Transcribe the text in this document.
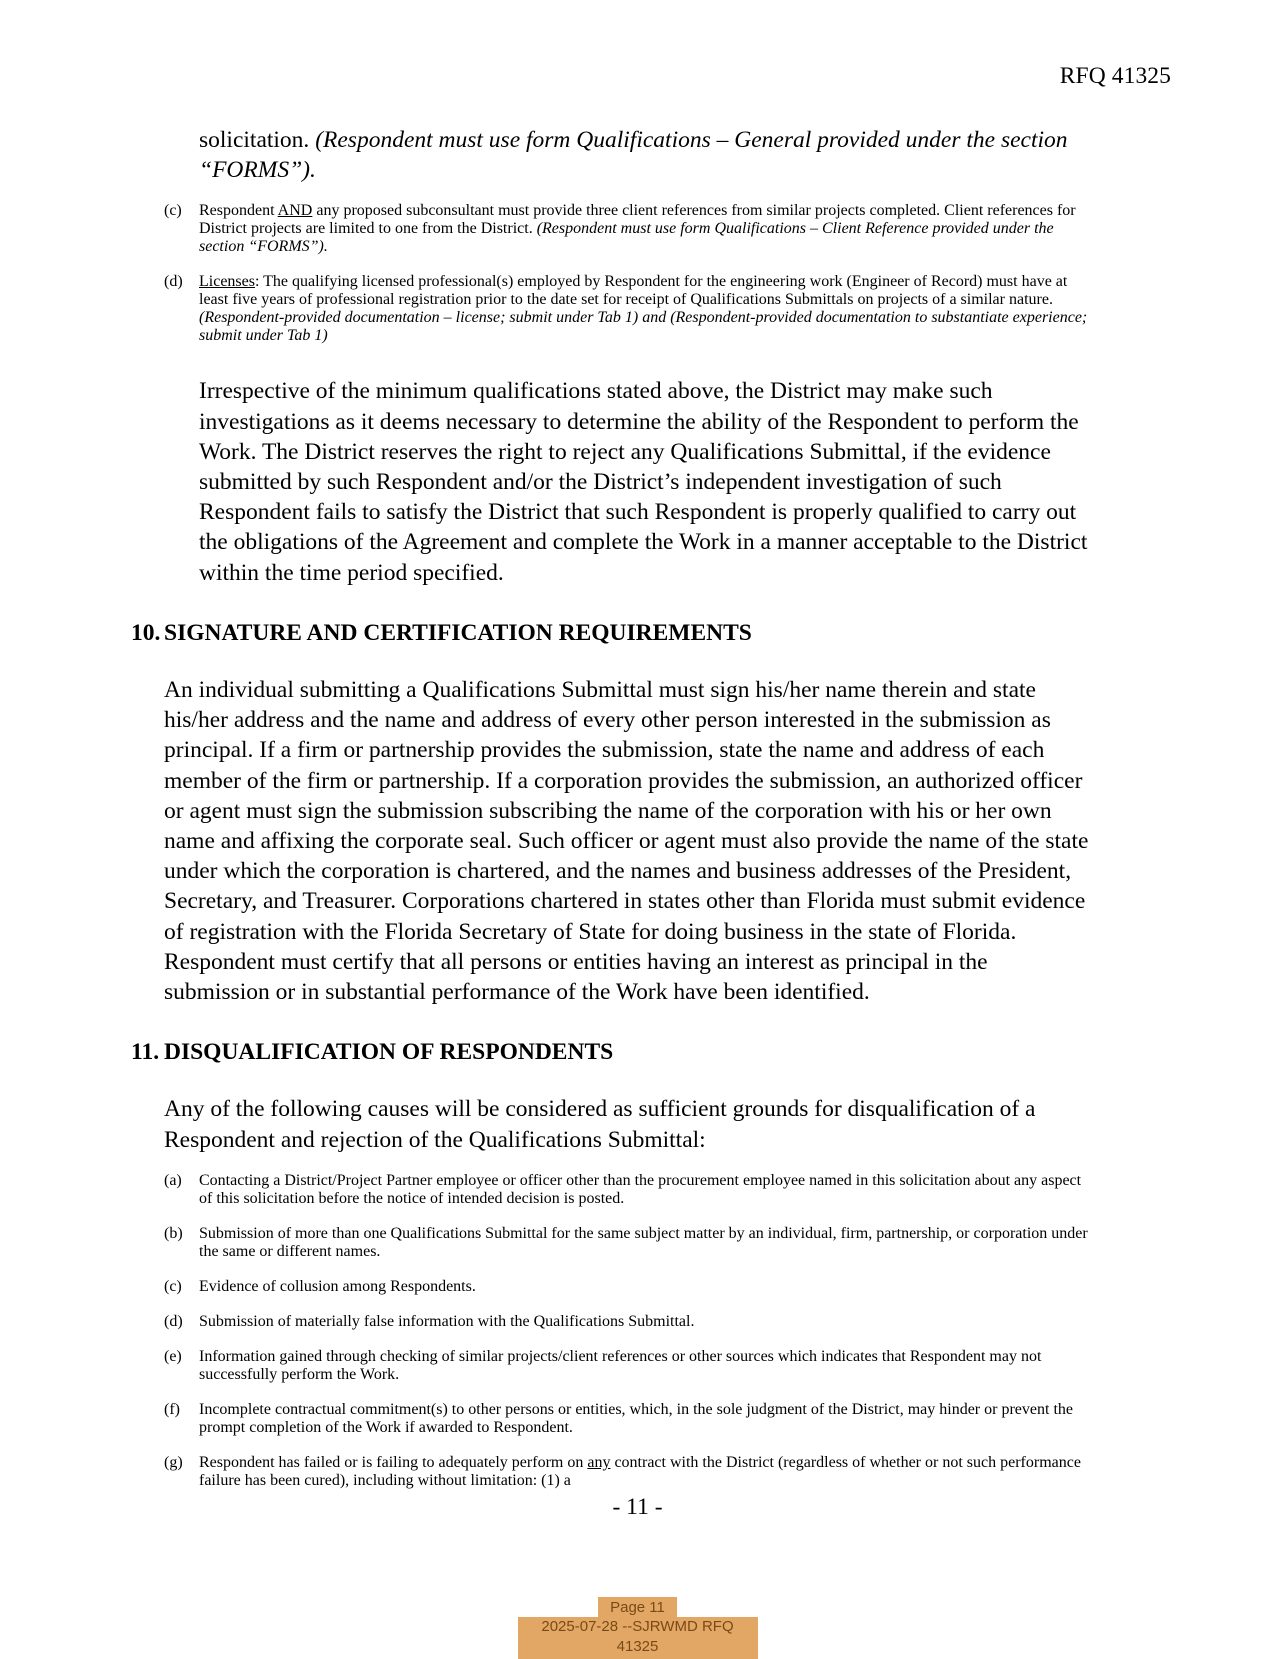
RFQ 41325

solicitation. (Respondent must use form Qualifications – General provided under the section “FORMS”).

(c)	Respondent AND any proposed subconsultant must provide three client references from similar projects completed. Client references for District projects are limited to one from the District. (Respondent must use form Qualifications – Client Reference provided under the section “FORMS”).
(d)	Licenses: The qualifying licensed professional(s) employed by Respondent for the engineering work (Engineer of Record) must have at least five years of professional registration prior to the date set for receipt of Qualifications Submittals on projects of a similar nature. (Respondent-provided documentation – license; submit under Tab 1) and (Respondent-provided documentation to substantiate experience; submit under Tab 1)

Irrespective of the minimum qualifications stated above, the District may make such investigations as it deems necessary to determine the ability of the Respondent to perform the Work. The District reserves the right to reject any Qualifications Submittal, if the evidence submitted by such Respondent and/or the District’s independent investigation of such Respondent fails to satisfy the District that such Respondent is properly qualified to carry out the obligations of the Agreement and complete the Work in a manner acceptable to the District within the time period specified.

10. SIGNATURE AND CERTIFICATION REQUIREMENTS

An individual submitting a Qualifications Submittal must sign his/her name therein and state his/her address and the name and address of every other person interested in the submission as principal. If a firm or partnership provides the submission, state the name and address of each member of the firm or partnership. If a corporation provides the submission, an authorized officer or agent must sign the submission subscribing the name of the corporation with his or her own name and affixing the corporate seal. Such officer or agent must also provide the name of the state under which the corporation is chartered, and the names and business addresses of the President, Secretary, and Treasurer. Corporations chartered in states other than Florida must submit evidence of registration with the Florida Secretary of State for doing business in the state of Florida. Respondent must certify that all persons or entities having an interest as principal in the submission or in substantial performance of the Work have been identified.

11. DISQUALIFICATION OF RESPONDENTS

Any of the following causes will be considered as sufficient grounds for disqualification of a Respondent and rejection of the Qualifications Submittal:

(a)	Contacting a District/Project Partner employee or officer other than the procurement employee named in this solicitation about any aspect of this solicitation before the notice of intended decision is posted.
(b)	Submission of more than one Qualifications Submittal for the same subject matter by an individual, firm, partnership, or corporation under the same or different names.
(c)	Evidence of collusion among Respondents.
(d)	Submission of materially false information with the Qualifications Submittal.
(e)	Information gained through checking of similar projects/client references or other sources which indicates that Respondent may not successfully perform the Work.
(f)	Incomplete contractual commitment(s) to other persons or entities, which, in the sole judgment of the District, may hinder or prevent the prompt completion of the Work if awarded to Respondent.
(g)	Respondent has failed or is failing to adequately perform on any contract with the District (regardless of whether or not such performance failure has been cured), including without limitation: (1) a
- 11 -
Page 11
2025-07-28 --SJRWMD RFQ 41325
